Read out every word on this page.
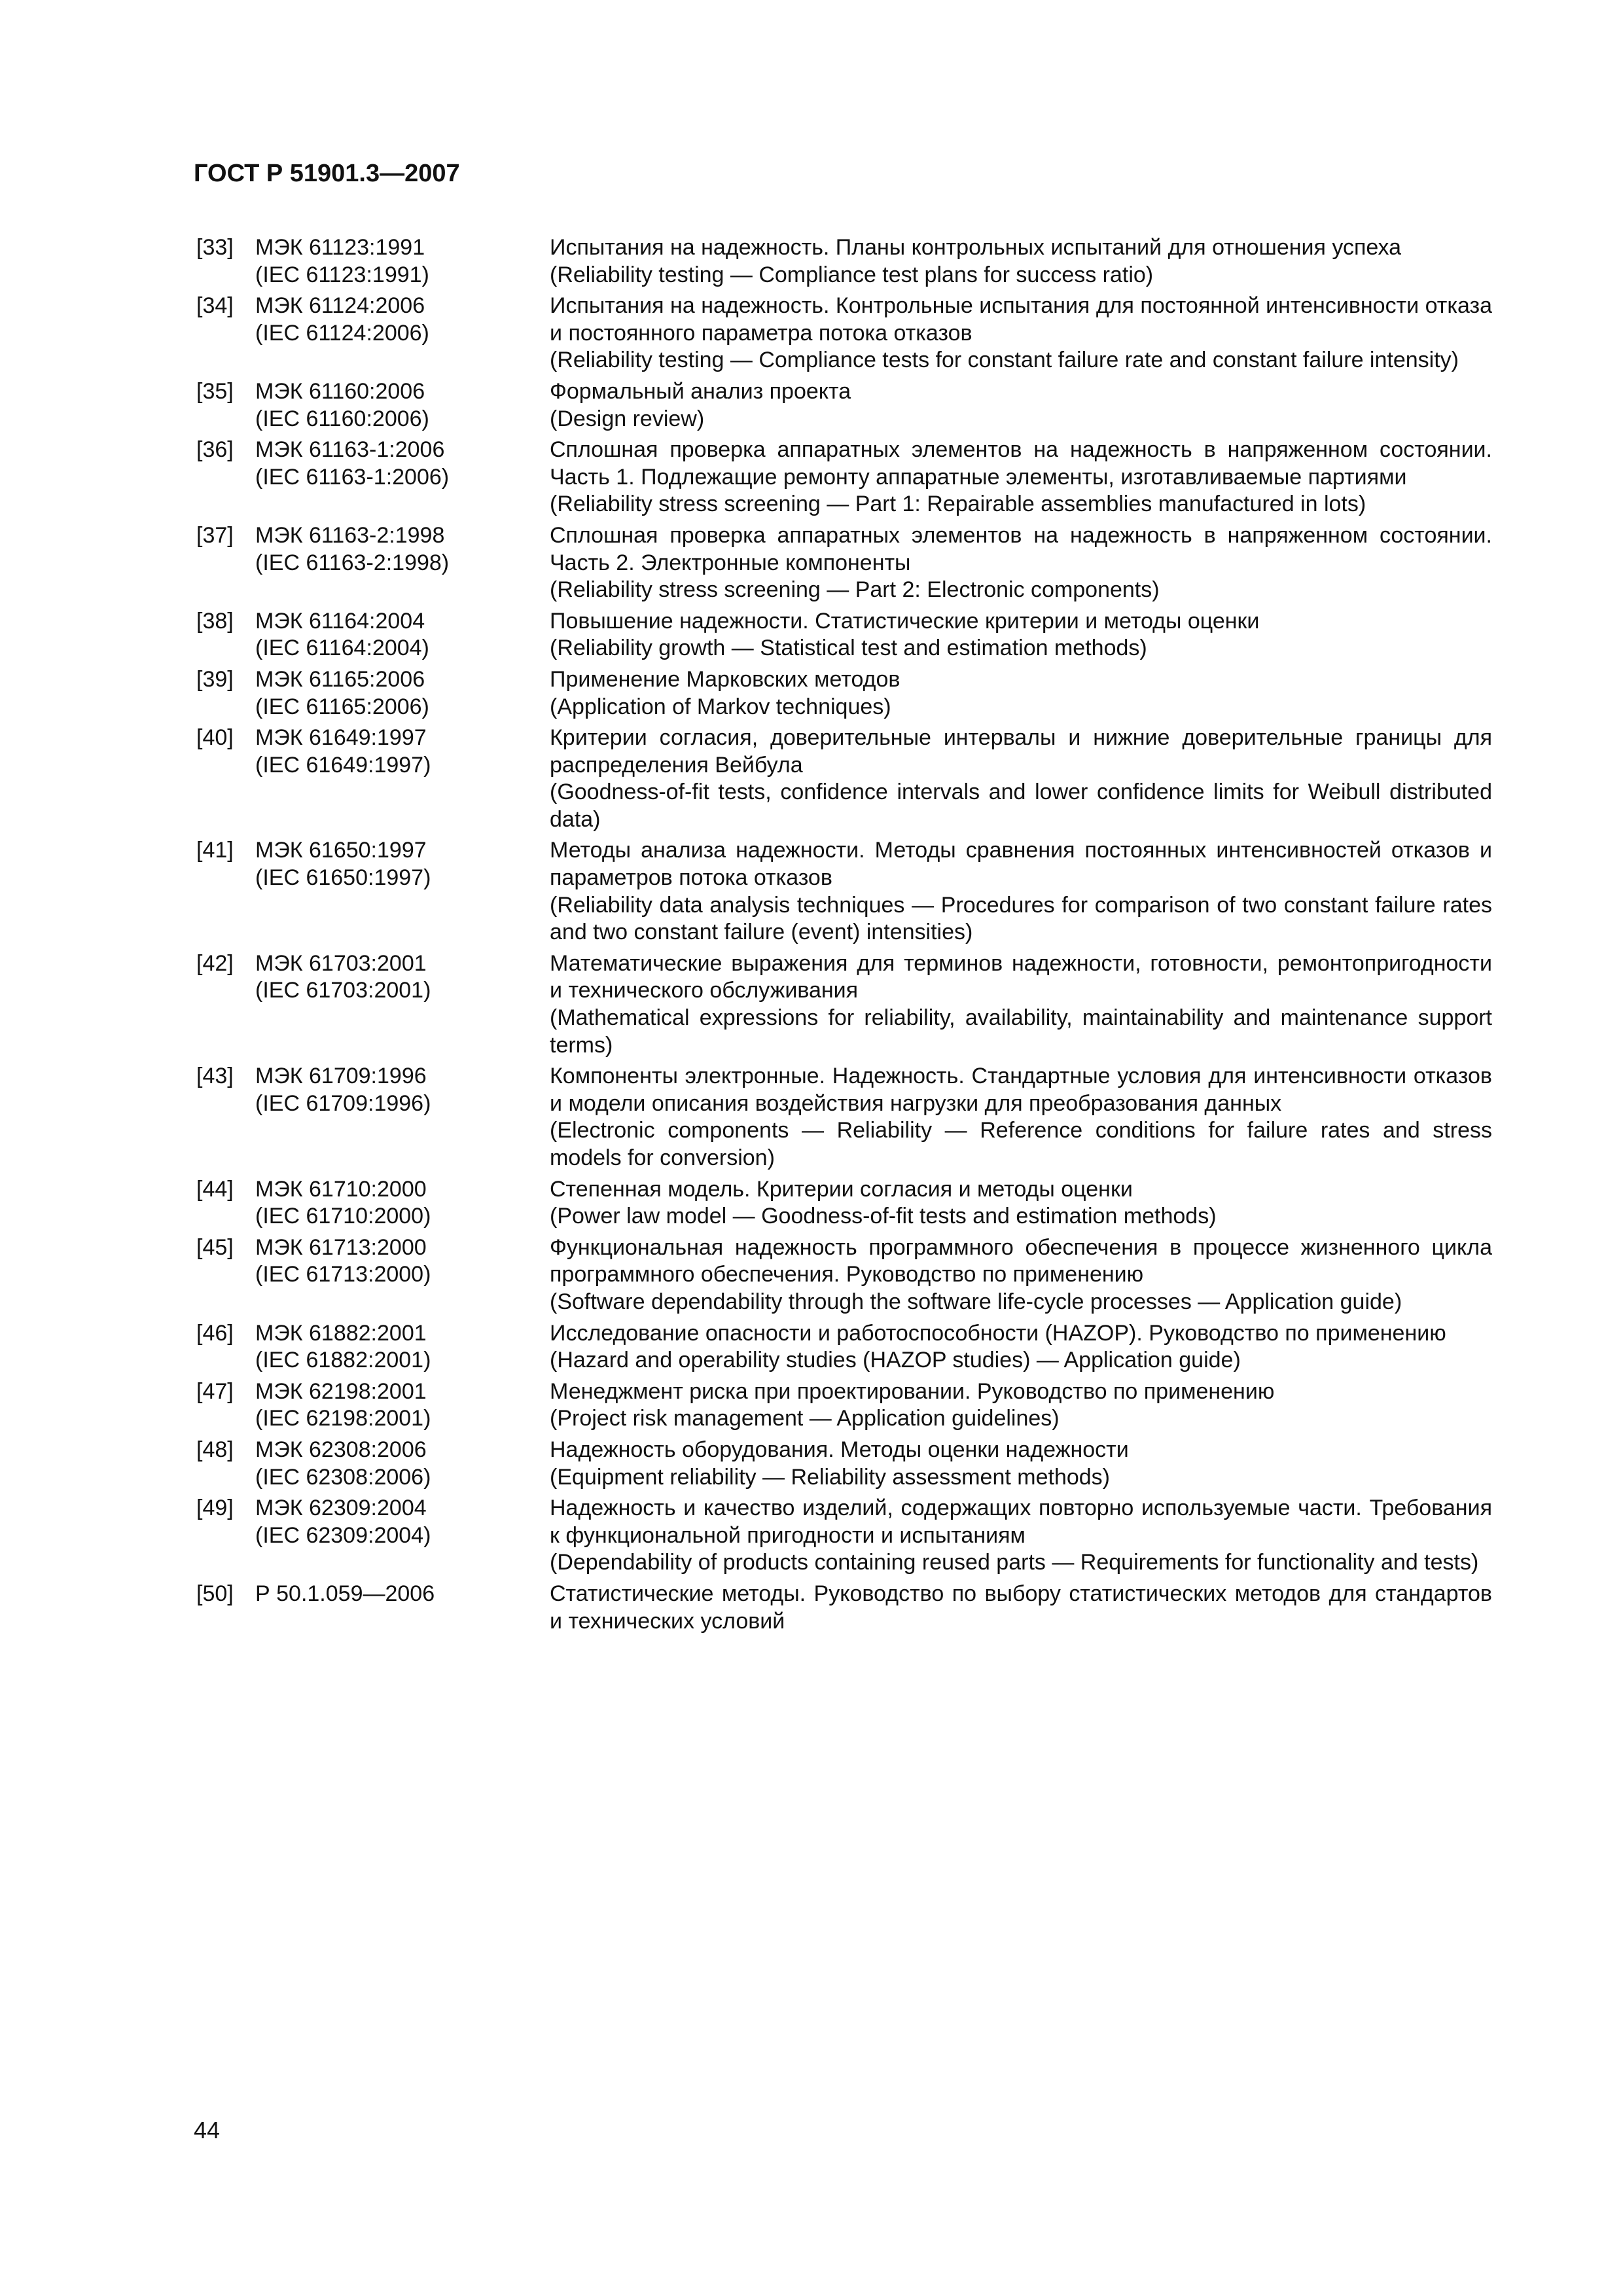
ГОСТ Р 51901.3—2007
[33] МЭК 61123:1991
(IEC 61123:1991)

Испытания на надежность. Планы контрольных испытаний для отношения успеха

(Reliability testing — Compliance test plans for success ratio)

[34] МЭК 61124:2006
(IEC 61124:2006)

Испытания на надежность. Контрольные испытания для постоянной интенсивности отказа и постоянного параметра потока отказов

(Reliability testing — Compliance tests for constant failure rate and constant failure intensity)

[35] МЭК 61160:2006
(IEC 61160:2006)

Формальный анализ проекта

(Design review)

[36] МЭК 61163-1:2006
(IEC 61163-1:2006)

Сплошная проверка аппаратных элементов на надежность в напряженном состоянии. Часть 1. Подлежащие ремонту аппаратные элементы, изготавливаемые партиями

(Reliability stress screening — Part 1: Repairable assemblies manufactured in lots)

[37] МЭК 61163-2:1998
(IEC 61163-2:1998)

Сплошная проверка аппаратных элементов на надежность в напряженном состоянии. Часть 2. Электронные компоненты

(Reliability stress screening — Part 2: Electronic components)

[38] МЭК 61164:2004
(IEC 61164:2004)

Повышение надежности. Статистические критерии и методы оценки

(Reliability growth — Statistical test and estimation methods)

[39] МЭК 61165:2006
(IEC 61165:2006)

Применение Марковских методов

(Application of Markov techniques)

[40] МЭК 61649:1997
(IEC 61649:1997)

Критерии согласия, доверительные интервалы и нижние доверительные границы для распределения Вейбула

(Goodness-of-fit tests, confidence intervals and lower confidence limits for Weibull distributed data)

[41] МЭК 61650:1997
(IEC 61650:1997)

Методы анализа надежности. Методы сравнения постоянных интенсивностей отказов и параметров потока отказов

(Reliability data analysis techniques — Procedures for comparison of two constant failure rates and two constant failure (event) intensities)

[42] МЭК 61703:2001
(IEC 61703:2001)

Математические выражения для терминов надежности, готовности, ремонтопригодности и технического обслуживания

(Mathematical expressions for reliability, availability, maintainability and maintenance support terms)

[43] МЭК 61709:1996
(IEC 61709:1996)

Компоненты электронные. Надежность. Стандартные условия для интенсивности отказов и модели описания воздействия нагрузки для преобразования данных

(Electronic components — Reliability — Reference conditions for failure rates and stress models for conversion)

[44] МЭК 61710:2000
(IEC 61710:2000)

Степенная модель. Критерии согласия и методы оценки

(Power law model — Goodness-of-fit tests and estimation methods)

[45] МЭК 61713:2000
(IEC 61713:2000)

Функциональная надежность программного обеспечения в процессе жизненного цикла программного обеспечения. Руководство по применению

(Software dependability through the software life-cycle processes — Application guide)

[46] МЭК 61882:2001
(IEC 61882:2001)

Исследование опасности и работоспособности (HAZOP). Руководство по применению

(Hazard and operability studies (HAZOP studies) — Application guide)

[47] МЭК 62198:2001
(IEC 62198:2001)

Менеджмент риска при проектировании. Руководство по применению

(Project risk management — Application guidelines)

[48] МЭК 62308:2006
(IEC 62308:2006)

Надежность оборудования. Методы оценки надежности

(Equipment reliability — Reliability assessment methods)

[49] МЭК 62309:2004
(IEC 62309:2004)

Надежность и качество изделий, содержащих повторно используемые части. Требования к функциональной пригодности и испытаниям

(Dependability of products containing reused parts — Requirements for functionality and tests)

[50] Р 50.1.059—2006	Статистические методы. Руководство по выбору статистических методов для стандартов и технических условий

44
